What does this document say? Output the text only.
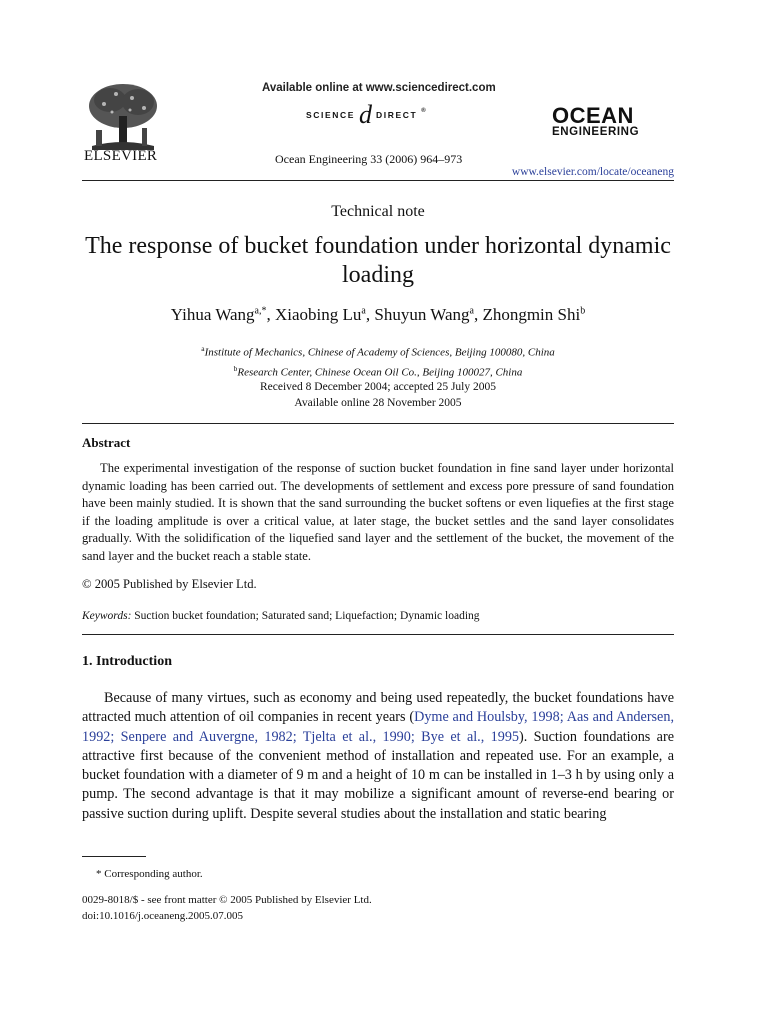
ELSEVIER
Available online at www.sciencedirect.com
SCIENCE d DIRECT ®
Ocean Engineering 33 (2006) 964–973
OCEAN
ENGINEERING
www.elsevier.com/locate/oceaneng
Technical note
The response of bucket foundation under horizontal dynamic loading
Yihua Wang$^{a,*}$, Xiaobing Lu$^a$, Shuyun Wang$^a$, Zhongmin Shi$^b$
$^a$Institute of Mechanics, Chinese of Academy of Sciences, Beijing 100080, China
$^b$Research Center, Chinese Ocean Oil Co., Beijing 100027, China
Received 8 December 2004; accepted 25 July 2005
Available online 28 November 2005
Abstract
The experimental investigation of the response of suction bucket foundation in fine sand layer under horizontal dynamic loading has been carried out. The developments of settlement and excess pore pressure of sand foundation have been mainly studied. It is shown that the sand surrounding the bucket softens or even liquefies at the first stage if the loading amplitude is over a critical value, at later stage, the bucket settles and the sand layer consolidates gradually. With the solidification of the liquefied sand layer and the settlement of the bucket, the movement of the sand layer and the bucket reach a stable state.
© 2005 Published by Elsevier Ltd.
Keywords: Suction bucket foundation; Saturated sand; Liquefaction; Dynamic loading
1. Introduction
Because of many virtues, such as economy and being used repeatedly, the bucket foundations have attracted much attention of oil companies in recent years (Dyme and Houlsby, 1998; Aas and Andersen, 1992; Senpere and Auvergne, 1982; Tjelta et al., 1990; Bye et al., 1995). Suction foundations are attractive first because of the convenient method of installation and repeated use. For an example, a bucket foundation with a diameter of 9 m and a height of 10 m can be installed in 1–3 h by using only a pump. The second advantage is that it may mobilize a significant amount of reverse-end bearing or passive suction during uplift. Despite several studies about the installation and static bearing
* Corresponding author.
0029-8018/$ - see front matter © 2005 Published by Elsevier Ltd.
doi:10.1016/j.oceaneng.2005.07.005
